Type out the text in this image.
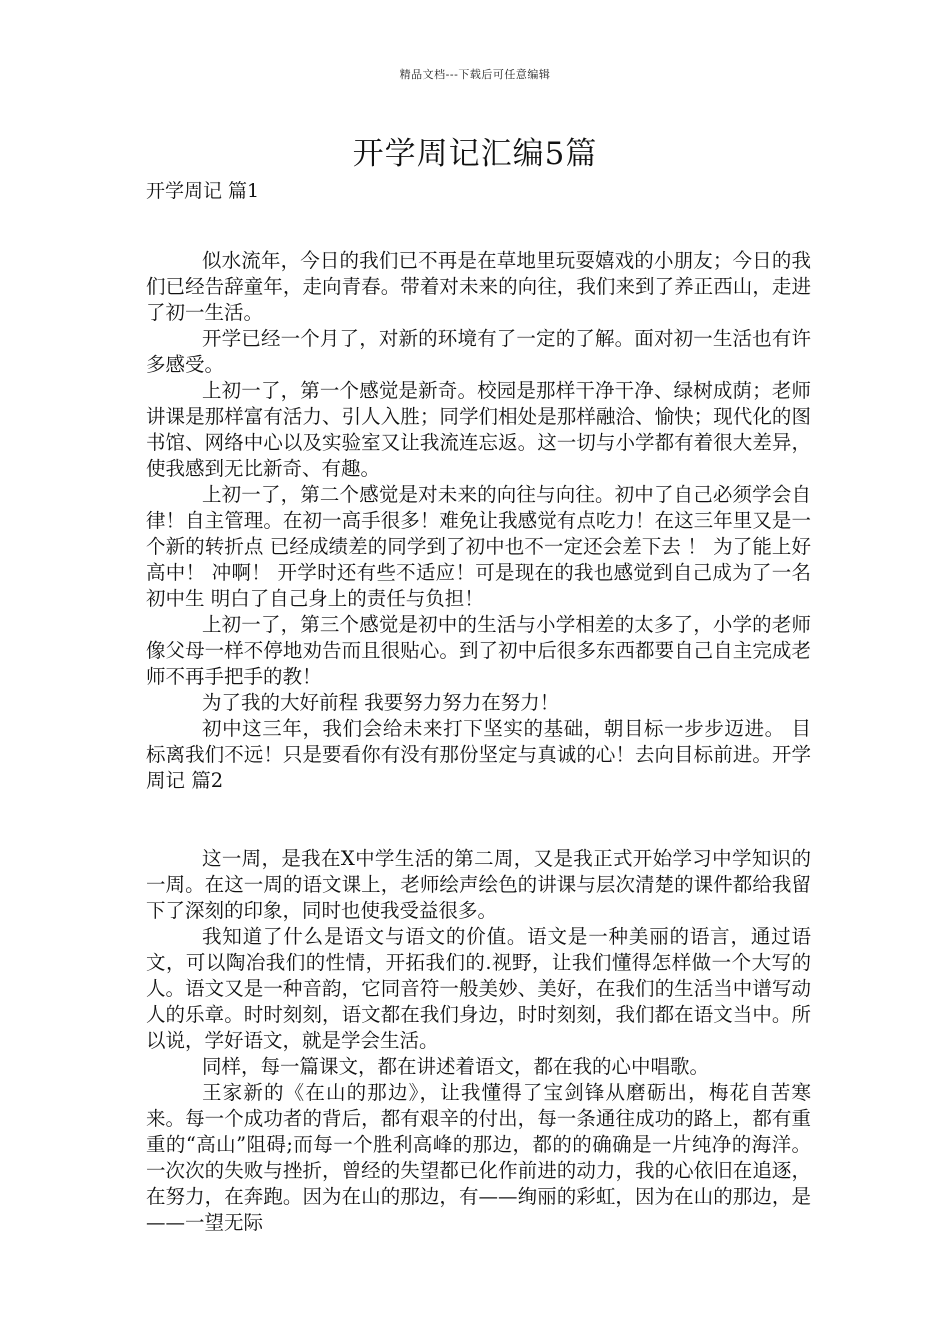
精品文档---下载后可任意编辑
开学周记汇编5篇
开学周记 篇1

似水流年，今日的我们已不再是在草地里玩耍嬉戏的小朋友；今日的我们已经告辞童年，走向青春。带着对未来的向往，我们来到了养正西山，走进了初一生活。

开学已经一个月了，对新的环境有了一定的了解。面对初一生活也有许多感受。

上初一了，第一个感觉是新奇。校园是那样干净干净、绿树成荫；老师讲课是那样富有活力、引人入胜；同学们相处是那样融洽、愉快；现代化的图书馆、网络中心以及实验室又让我流连忘返。这一切与小学都有着很大差异，使我感到无比新奇、有趣。

上初一了，第二个感觉是对未来的向往与向往。初中了自己必须学会自律！自主管理。在初一高手很多！难免让我感觉有点吃力！在这三年里又是一个新的转折点 已经成绩差的同学到了初中也不一定还会差下去 ！ 为了能上好高中！ 冲啊！ 开学时还有些不适应！可是现在的我也感觉到自己成为了一名初中生 明白了自己身上的责任与负担！

上初一了，第三个感觉是初中的生活与小学相差的太多了，小学的老师像父母一样不停地劝告而且很贴心。到了初中后很多东西都要自己自主完成老师不再手把手的教！

为了我的大好前程 我要努力努力在努力！

初中这三年，我们会给未来打下坚实的基础，朝目标一步步迈进。 目标离我们不远！只是要看你有没有那份坚定与真诚的心！去向目标前进。开学周记 篇2

这一周，是我在X中学生活的第二周，又是我正式开始学习中学知识的一周。在这一周的语文课上，老师绘声绘色的讲课与层次清楚的课件都给我留下了深刻的印象，同时也使我受益很多。

我知道了什么是语文与语文的价值。语文是一种美丽的语言，通过语文，可以陶冶我们的性情，开拓我们的.视野，让我们懂得怎样做一个大写的人。语文又是一种音韵，它同音符一般美妙、美好，在我们的生活当中谱写动人的乐章。时时刻刻，语文都在我们身边，时时刻刻，我们都在语文当中。所以说，学好语文，就是学会生活。

同样，每一篇课文，都在讲述着语文，都在我的心中唱歌。

王家新的《在山的那边》，让我懂得了宝剑锋从磨砺出，梅花自苦寒来。每一个成功者的背后，都有艰辛的付出，每一条通往成功的路上，都有重重的“高山”阻碍;而每一个胜利高峰的那边，都的的确确是一片纯净的海洋。一次次的失败与挫折，曾经的失望都已化作前进的动力，我的心依旧在追逐，在努力，在奔跑。因为在山的那边，有——绚丽的彩虹，因为在山的那边，是——一望无际
